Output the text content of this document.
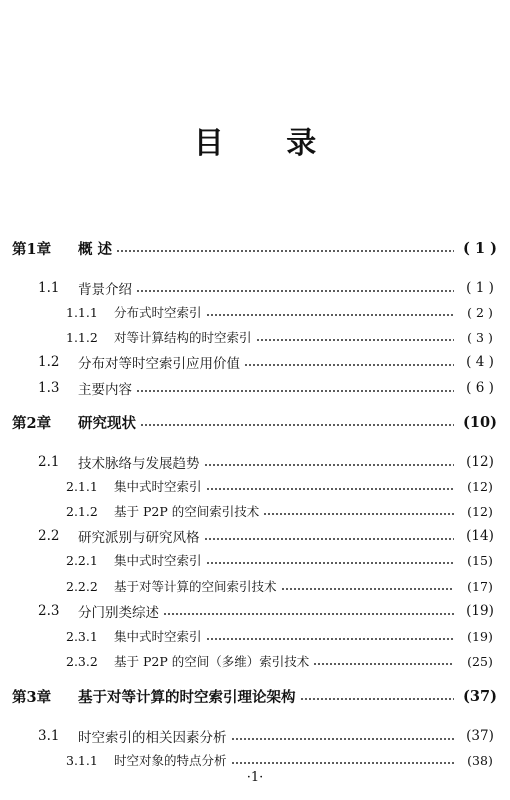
目 录
第1章	概 述	( 1 )
1.1	背景介绍	( 1 )
1.1.1	分布式时空索引	( 2 )
1.1.2	对等计算结构的时空索引	( 3 )
1.2	分布对等时空索引应用价值	( 4 )
1.3	主要内容	( 6 )
第2章	研究现状	(10)
2.1	技术脉络与发展趋势	(12)
2.1.1	集中式时空索引	(12)
2.1.2	基于 P2P 的空间索引技术	(12)
2.2	研究派别与研究风格	(14)
2.2.1	集中式时空索引	(15)
2.2.2	基于对等计算的空间索引技术	(17)
2.3	分门别类综述	(19)
2.3.1	集中式时空索引	(19)
2.3.2	基于 P2P 的空间（多维）索引技术	(25)
第3章	基于对等计算的时空索引理论架构	(37)
3.1	时空索引的相关因素分析	(37)
3.1.1	时空对象的特点分析	(38)
·1·
